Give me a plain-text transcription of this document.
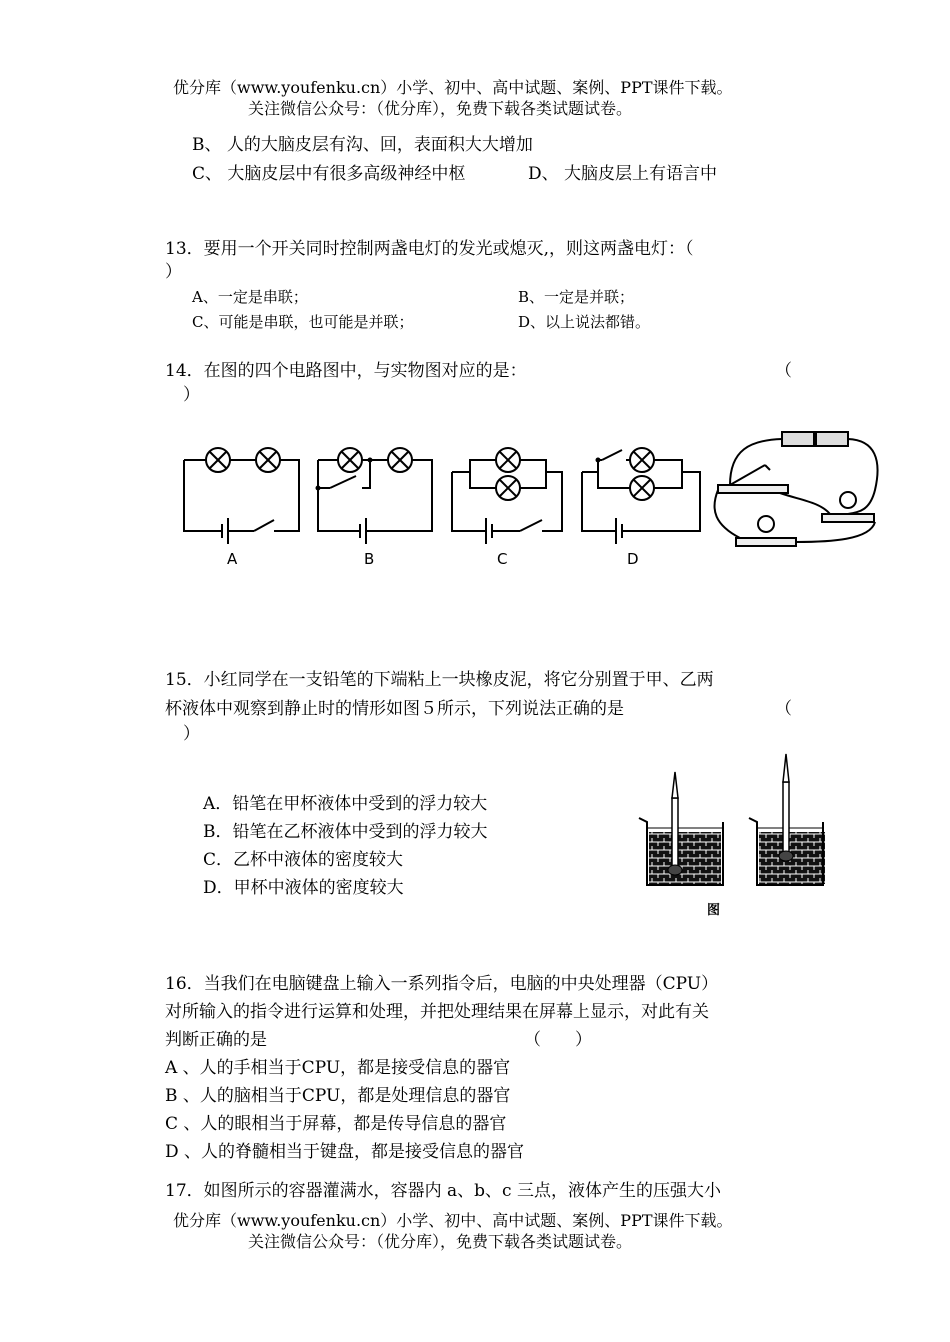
优分库（www.youfenku.cn）小学、初中、高中试题、案例、PPT课件下载。
关注微信公众号：（优分库），免费下载各类试题试卷。
B、 人的大脑皮层有沟、回，表面积大大增加
C、 大脑皮层中有很多高级神经中枢	D、 大脑皮层上有语言中
13．要用一个开关同时控制两盏电灯的发光或熄灭,，则这两盏电灯：（
）
A、一定是串联；	B、一定是并联；
C、可能是串联，也可能是并联；	D、以上说法都错。
14．在图的四个电路图中，与实物图对应的是：	（
）
A	B	C	D
15．小红同学在一支铅笔的下端粘上一块橡皮泥，将它分别置于甲、乙两
杯液体中观察到静止时的情形如图５所示，下列说法正确的是	（
）
A．铅笔在甲杯液体中受到的浮力较大
B．铅笔在乙杯液体中受到的浮力较大
C．乙杯中液体的密度较大
D．甲杯中液体的密度较大
图
16．当我们在电脑键盘上输入一系列指令后，电脑的中央处理器（CPU）
对所输入的指令进行运算和处理，并把处理结果在屏幕上显示，对此有关
判断正确的是	（　　）
A 、人的手相当于CPU，都是接受信息的器官
B 、人的脑相当于CPU，都是处理信息的器官
C 、人的眼相当于屏幕，都是传导信息的器官
D 、人的脊髓相当于键盘，都是接受信息的器官
17．如图所示的容器灌满水，容器内 a、b、c 三点，液体产生的压强大小
优分库（www.youfenku.cn）小学、初中、高中试题、案例、PPT课件下载。
关注微信公众号：（优分库），免费下载各类试题试卷。
